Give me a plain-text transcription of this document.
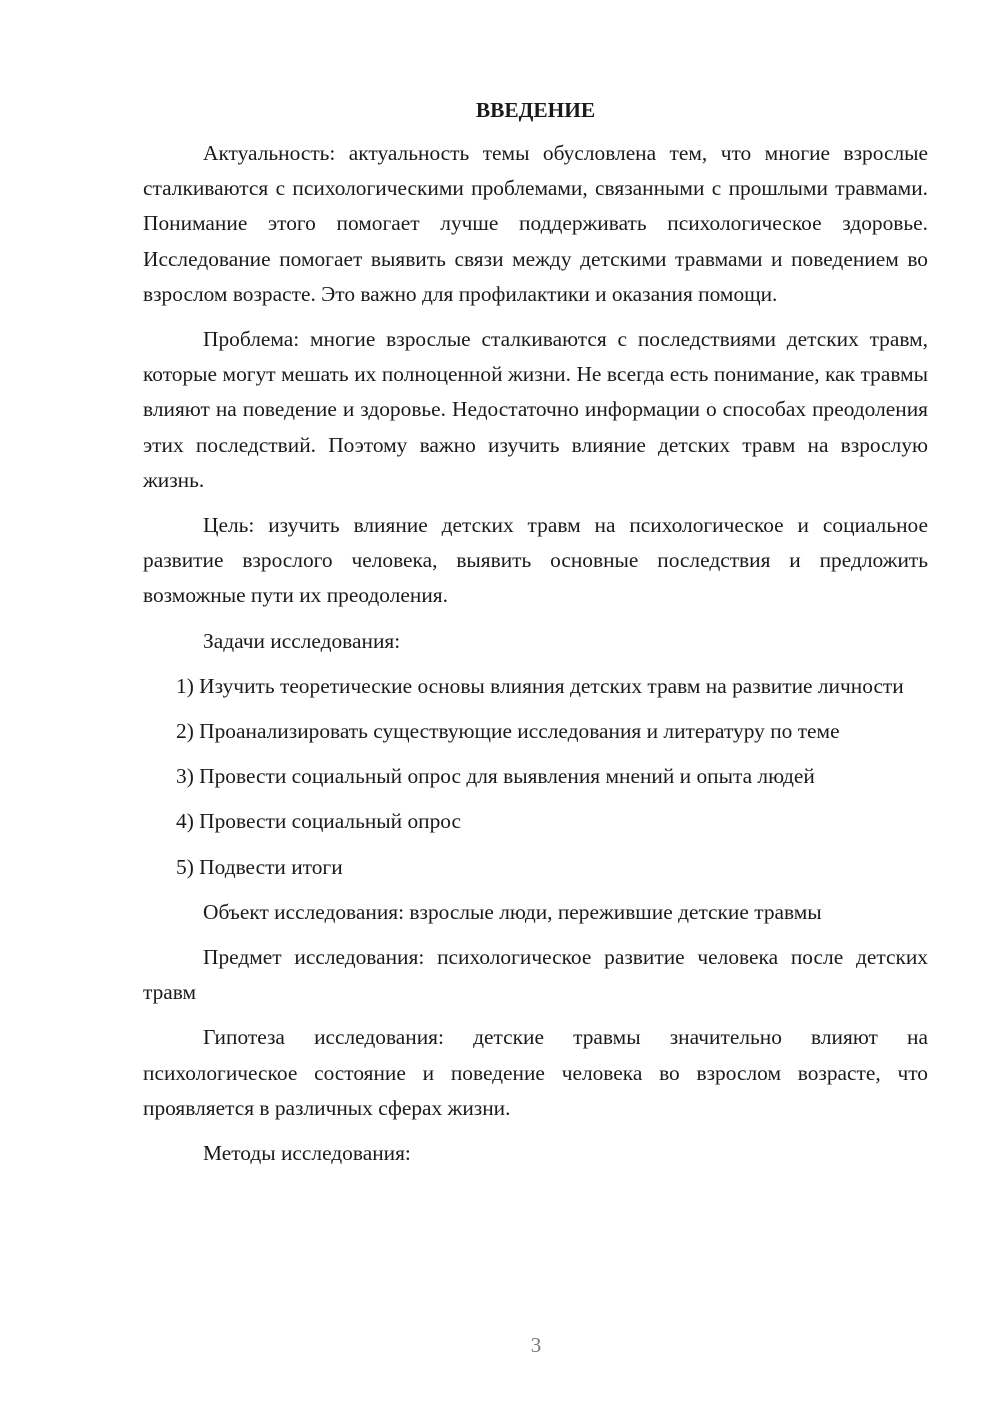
ВВЕДЕНИЕ

Актуальность: актуальность темы обусловлена тем, что многие взрослые сталкиваются с психологическими проблемами, связанными с прошлыми травмами. Понимание этого помогает лучше поддерживать психологическое здоровье. Исследование помогает выявить связи между детскими травмами и поведением во взрослом возрасте. Это важно для профилактики и оказания помощи.

Проблема: многие взрослые сталкиваются с последствиями детских травм, которые могут мешать их полноценной жизни. Не всегда есть понимание, как травмы влияют на поведение и здоровье. Недостаточно информации о способах преодоления этих последствий. Поэтому важно изучить влияние детских травм на взрослую жизнь.

Цель: изучить влияние детских травм на психологическое и социальное развитие взрослого человека, выявить основные последствия и предложить возможные пути их преодоления.

Задачи исследования:

1) Изучить теоретические основы влияния детских травм на развитие личности

2) Проанализировать существующие исследования и литературу по теме

3) Провести социальный опрос для выявления мнений и опыта людей

4) Провести социальный опрос

5) Подвести итоги

Объект исследования: взрослые люди, пережившие детские травмы

Предмет исследования: психологическое развитие человека после детских травм

Гипотеза исследования: детские травмы значительно влияют на психологическое состояние и поведение человека во взрослом возрасте, что проявляется в различных сферах жизни.

Методы исследования:

3
